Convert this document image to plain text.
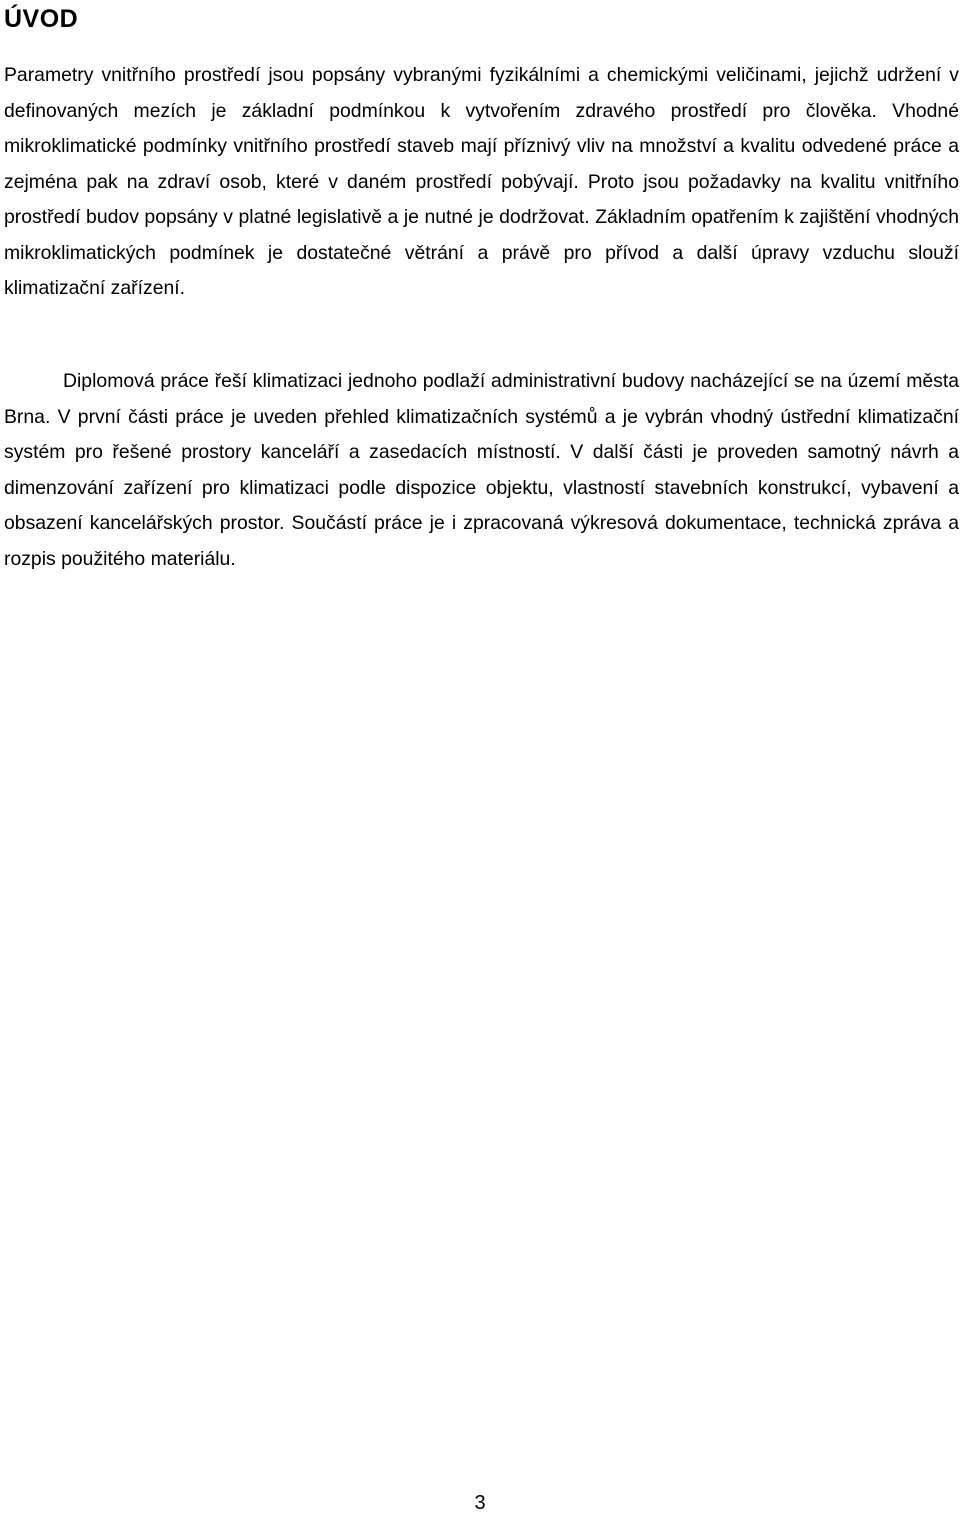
ÚVOD

Parametry vnitřního prostředí jsou popsány vybranými fyzikálními a chemickými veličinami, jejichž udržení v definovaných mezích je základní podmínkou k vytvořením zdravého prostředí pro člověka. Vhodné mikroklimatické podmínky vnitřního prostředí staveb mají příznivý vliv na množství a kvalitu odvedené práce a zejména pak na zdraví osob, které v daném prostředí pobývají. Proto jsou požadavky na kvalitu vnitřního prostředí budov popsány v platné legislativě a je nutné je dodržovat. Základním opatřením k zajištění vhodných mikroklimatických podmínek je dostatečné větrání a právě pro přívod a další úpravy vzduchu slouží klimatizační zařízení.

Diplomová práce řeší klimatizaci jednoho podlaží administrativní budovy nacházející se na území města Brna. V první části práce je uveden přehled klimatizačních systémů a je vybrán vhodný ústřední klimatizační systém pro řešené prostory kanceláří a zasedacích místností. V další části je proveden samotný návrh a dimenzování zařízení pro klimatizaci podle dispozice objektu, vlastností stavebních konstrukcí, vybavení a obsazení kancelářských prostor. Součástí práce je i zpracovaná výkresová dokumentace, technická zpráva a rozpis použitého materiálu.

3
